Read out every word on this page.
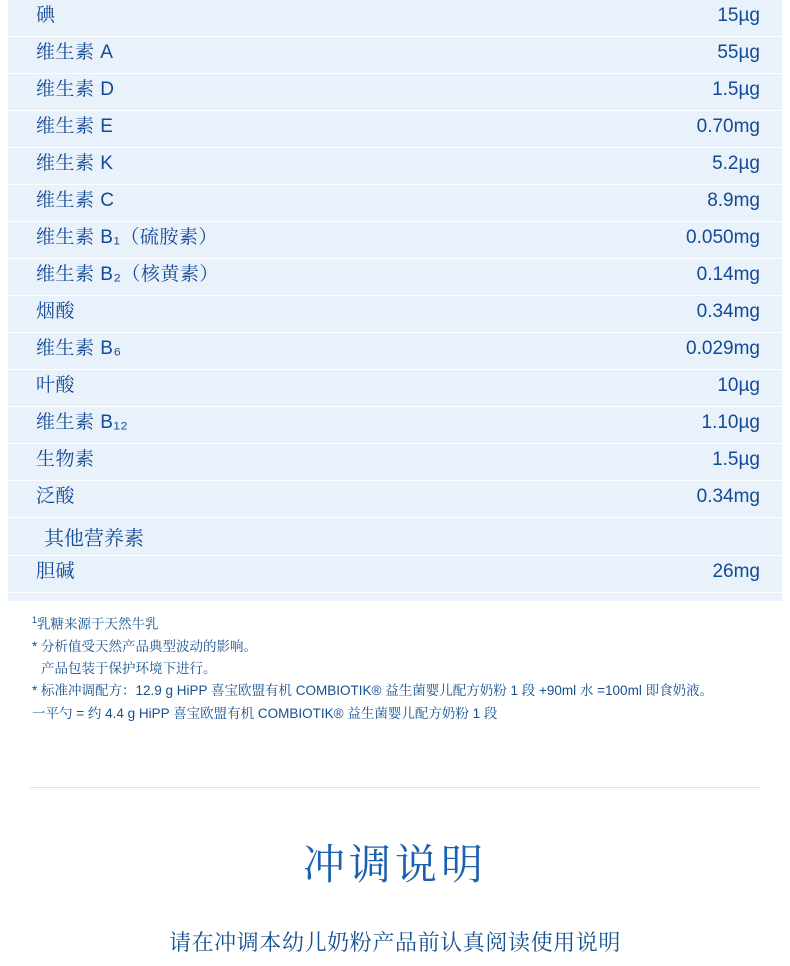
碘	15µg
维生素 A	55µg
维生素 D	1.5µg
维生素 E	0.70mg
维生素 K	5.2µg
维生素 C	8.9mg
维生素 B₁（硫胺素）	0.050mg
维生素 B₂（核黄素）	0.14mg
烟酸	0.34mg
维生素 B₆	0.029mg
叶酸	10µg
维生素 B₁₂	1.10µg
生物素	1.5µg
泛酸	0.34mg
其他营养素
胆碱	26mg
$^1$乳糖来源于天然牛乳
* 分析值受天然产品典型波动的影响。
产品包装于保护环境下进行。
* 标准冲调配方：12.9 g HiPP 喜宝欧盟有机 COMBIOTIK® 益生菌婴儿配方奶粉 1 段 +90ml 水 =100ml 即食奶液。
一平勺 = 约 4.4 g HiPP 喜宝欧盟有机 COMBIOTIK® 益生菌婴儿配方奶粉 1 段
冲调说明
请在冲调本幼儿奶粉产品前认真阅读使用说明
